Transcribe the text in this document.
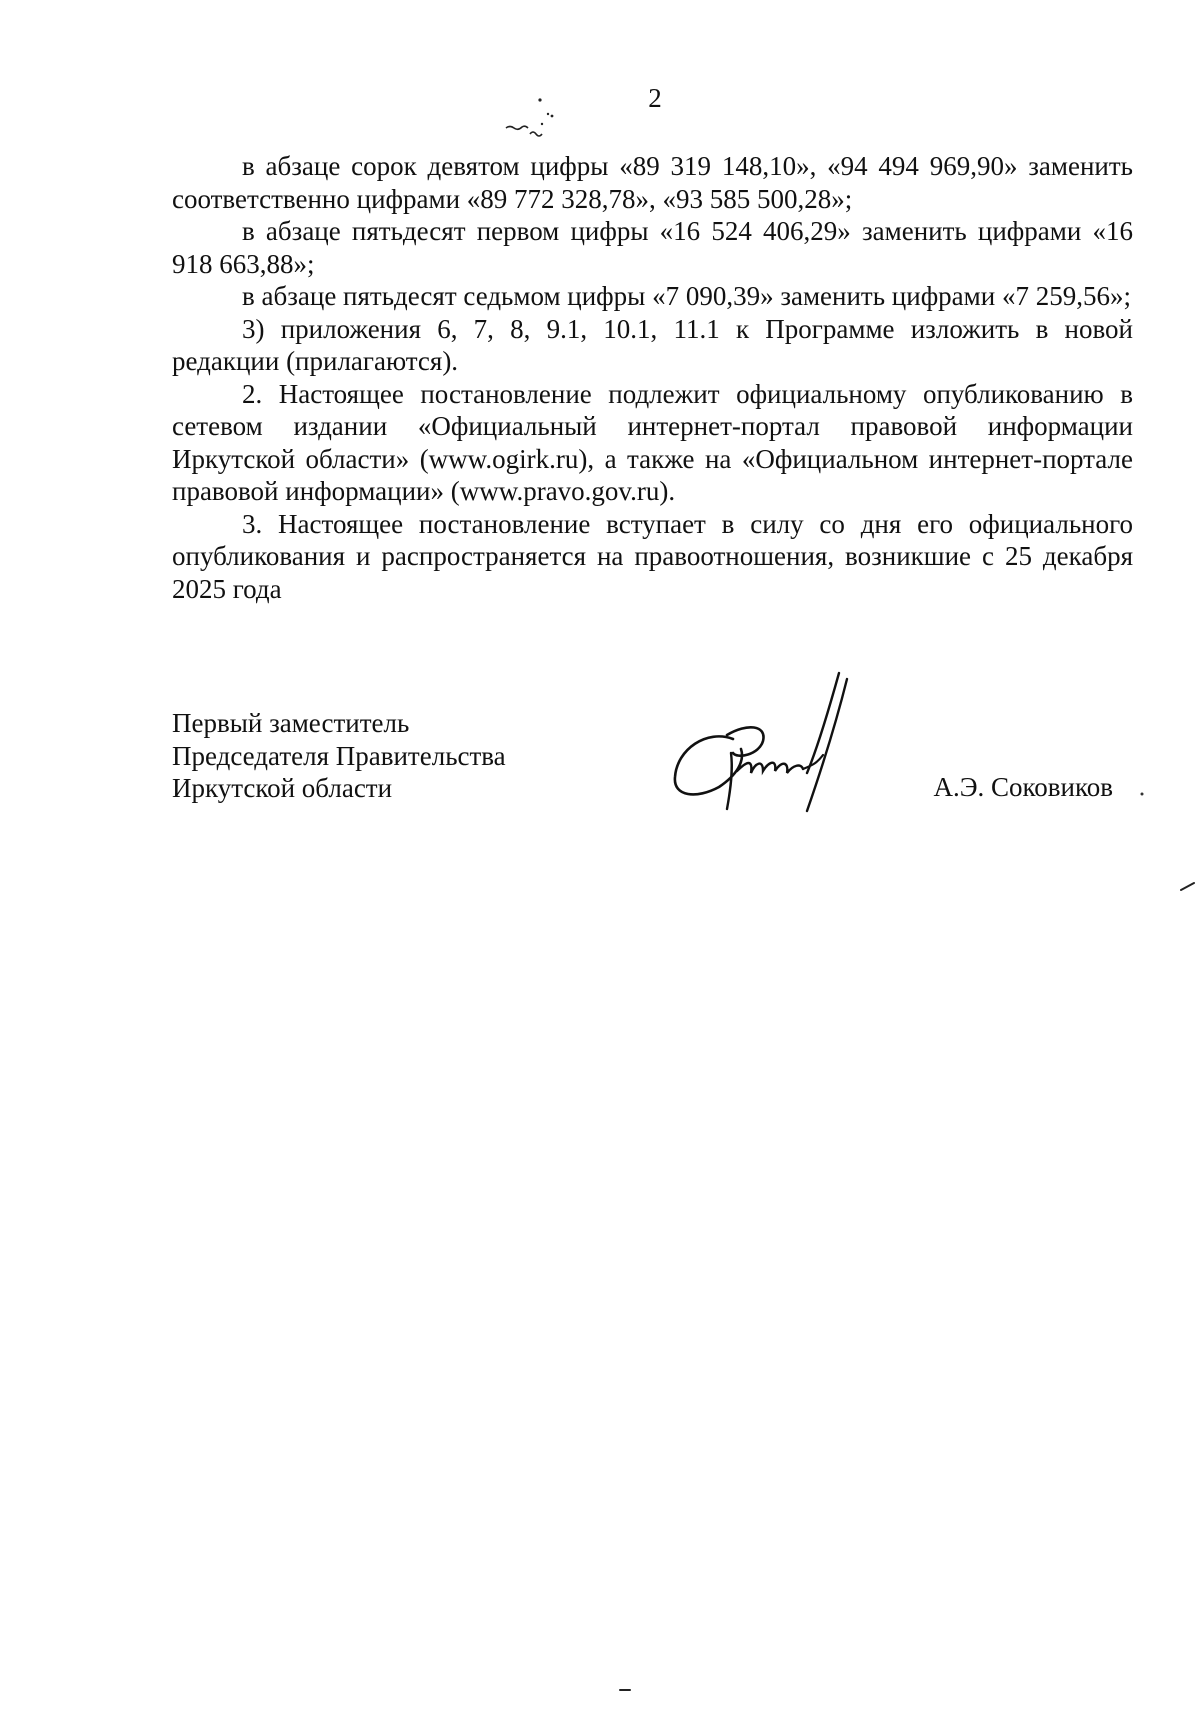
2

в абзаце сорок девятом цифры «89 319 148,10», «94 494 969,90» заменить соответственно цифрами «89 772 328,78», «93 585 500,28»;

в абзаце пятьдесят первом цифры «16 524 406,29» заменить цифрами «16 918 663,88»;

в абзаце пятьдесят седьмом цифры «7 090,39» заменить цифрами «7 259,56»;

3) приложения 6, 7, 8, 9.1, 10.1, 11.1 к Программе изложить в новой редакции (прилагаются).

2. Настоящее постановление подлежит официальному опубликованию в сетевом издании «Официальный интернет-портал правовой информации Иркутской области» (www.ogirk.ru), а также на «Официальном интернет-портале правовой информации» (www.pravo.gov.ru).

3. Настоящее постановление вступает в силу со дня его официального опубликования и распространяется на правоотношения, возникшие с 25 декабря 2025 года

Первый заместитель
Председателя Правительства
Иркутской области	А.Э. Соковиков
